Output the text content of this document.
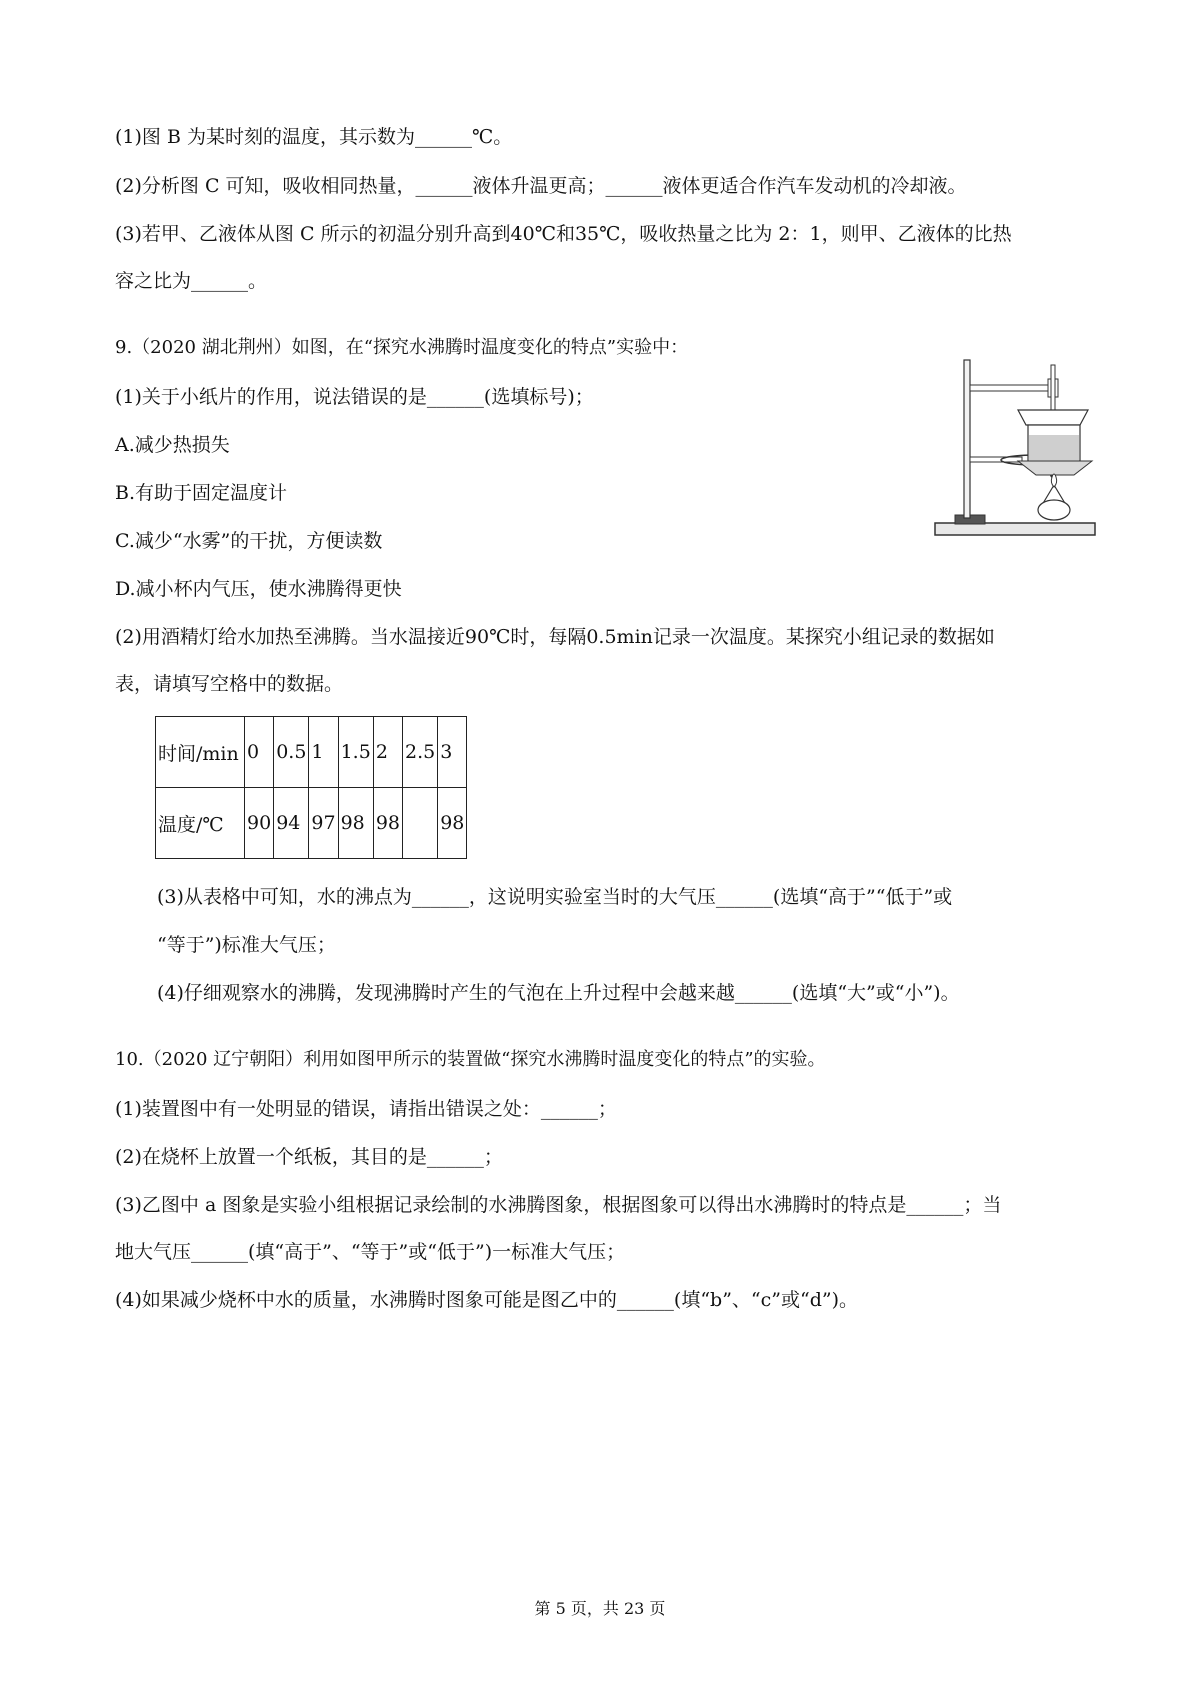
(1)图 B 为某时刻的温度，其示数为______℃。
(2)分析图 C 可知，吸收相同热量，______液体升温更高；______液体更适合作汽车发动机的冷却液。
(3)若甲、乙液体从图 C 所示的初温分别升高到40℃和35℃，吸收热量之比为 2：1，则甲、乙液体的比热
容之比为______。
9.（2020 湖北荆州）如图，在“探究水沸腾时温度变化的特点”实验中：
(1)关于小纸片的作用，说法错误的是______(选填标号)；
A.减少热损失
B.有助于固定温度计
C.减少“水雾”的干扰，方便读数
D.减小杯内气压，使水沸腾得更快
(2)用酒精灯给水加热至沸腾。当水温接近90℃时，每隔0.5min记录一次温度。某探究小组记录的数据如
表，请填写空格中的数据。
时间/min	0	0.5	1	1.5	2	2.5	3
温度/℃	90	94	97	98	98		98
(3)从表格中可知，水的沸点为______，这说明实验室当时的大气压______(选填“高于”“低于”或
“等于”)标准大气压；
(4)仔细观察水的沸腾，发现沸腾时产生的气泡在上升过程中会越来越______(选填“大”或“小”)。
10.（2020 辽宁朝阳）利用如图甲所示的装置做“探究水沸腾时温度变化的特点”的实验。
(1)装置图中有一处明显的错误，请指出错误之处：______；
(2)在烧杯上放置一个纸板，其目的是______；
(3)乙图中 a 图象是实验小组根据记录绘制的水沸腾图象，根据图象可以得出水沸腾时的特点是______；当
地大气压______(填“高于”、“等于”或“低于”)一标准大气压；
(4)如果减少烧杯中水的质量，水沸腾时图象可能是图乙中的______(填“b”、“c”或“d”)。
第 5 页，共 23 页
